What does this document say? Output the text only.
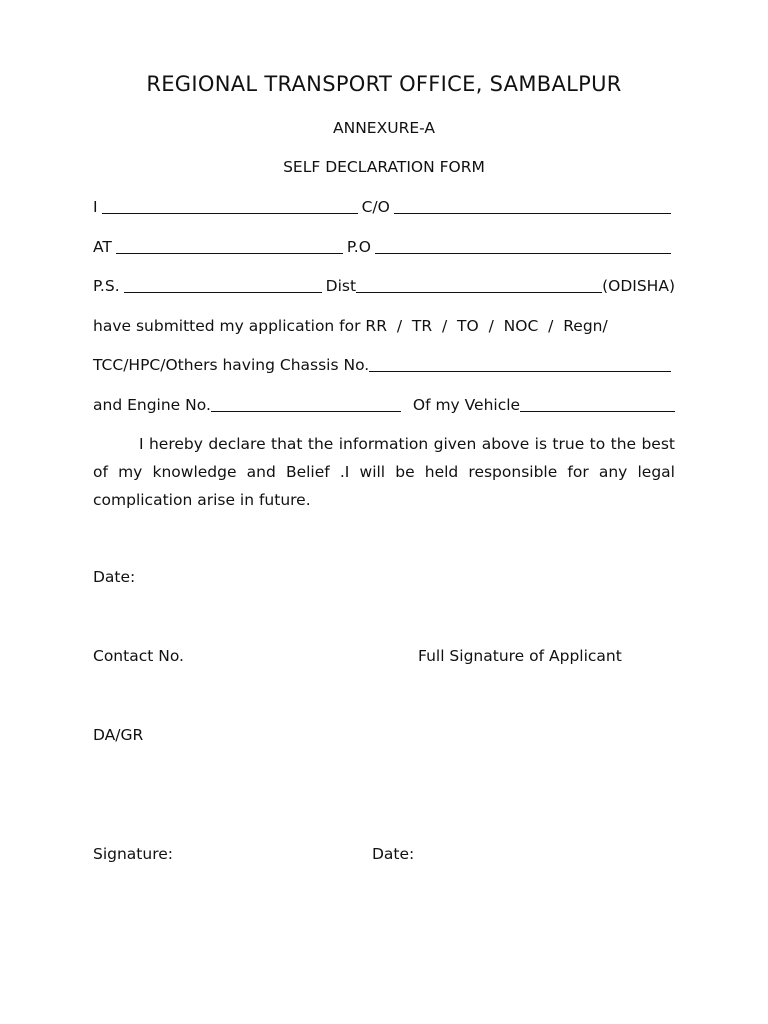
REGIONAL TRANSPORT OFFICE, SAMBALPUR
ANNEXURE-A
SELF DECLARATION FORM
I	C/O
AT	P.O
P.S.	Dist	(ODISHA)
have submitted my application for RR  /  TR  /  TO  /  NOC  /  Regn/
TCC/HPC/Others having Chassis No.
and Engine No.	Of my Vehicle
I hereby declare that the information given above is true to the best of my knowledge and Belief .I will be held responsible for any legal complication arise in future.
Date:
Contact No.	Full Signature of Applicant
DA/GR
Signature:	Date:
